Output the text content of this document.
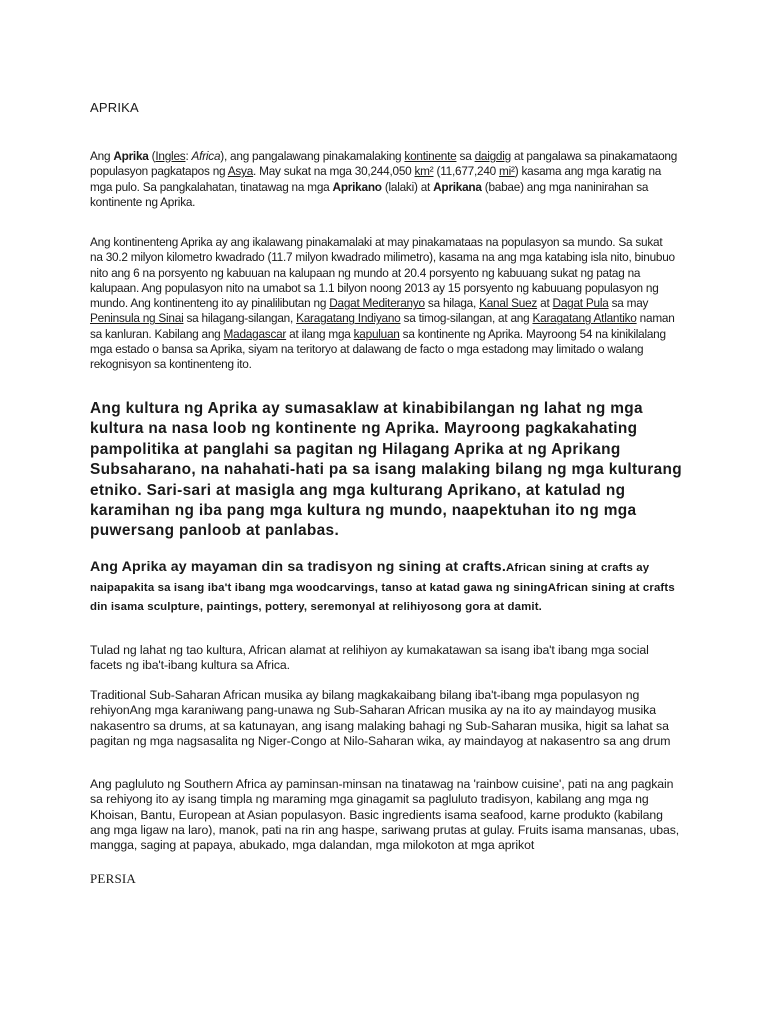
APRIKA

Ang Aprika (Ingles: Africa), ang pangalawang pinakamalaking kontinente sa daigdig at pangalawa sa pinakamataong populasyon pagkatapos ng Asya. May sukat na mga 30,244,050 km² (11,677,240 mi²) kasama ang mga karatig na mga pulo. Sa pangkalahatan, tinatawag na mga Aprikano (lalaki) at Aprikana (babae) ang mga naninirahan sa kontinente ng Aprika.

Ang kontinenteng Aprika ay ang ikalawang pinakamalaki at may pinakamataas na populasyon sa mundo. Sa sukat na 30.2 milyon kilometro kwadrado (11.7 milyon kwadrado milimetro), kasama na ang mga katabing isla nito, binubuo nito ang 6 na porsyento ng kabuuan na kalupaan ng mundo at 20.4 porsyento ng kabuuang sukat ng patag na kalupaan. Ang populasyon nito na umabot sa 1.1 bilyon noong 2013 ay 15 porsyento ng kabuuang populasyon ng mundo. Ang kontinenteng ito ay pinalilibutan ng Dagat Mediteranyo sa hilaga, Kanal Suez at Dagat Pula sa may Peninsula ng Sinai sa hilagang-silangan, Karagatang Indiyano sa timog-silangan, at ang Karagatang Atlantiko naman sa kanluran. Kabilang ang Madagascar at ilang mga kapuluan sa kontinente ng Aprika. Mayroong 54 na kinikilalang mga estado o bansa sa Aprika, siyam na teritoryo at dalawang de facto o mga estadong may limitado o walang rekognisyon sa kontinenteng ito.

Ang kultura ng Aprika ay sumasaklaw at kinabibilangan ng lahat ng mga kultura na nasa loob ng kontinente ng Aprika. Mayroong pagkakahating pampolitika at panglahi sa pagitan ng Hilagang Aprika at ng Aprikang Subsaharano, na nahahati-hati pa sa isang malaking bilang ng mga kulturang etniko. Sari-sari at masigla ang mga kulturang Aprikano, at katulad ng karamihan ng iba pang mga kultura ng mundo, naapektuhan ito ng mga puwersang panloob at panlabas.

Ang Aprika ay mayaman din sa tradisyon ng sining at crafts.African sining at crafts ay naipapakita sa isang iba't ibang mga woodcarvings, tanso at katad gawa ng siningAfrican sining at crafts din isama sculpture, paintings, pottery, seremonyal at relihiyosong gora at damit.

Tulad ng lahat ng tao kultura, African alamat at relihiyon ay kumakatawan sa isang iba't ibang mga social facets ng iba't-ibang kultura sa Africa.

Traditional Sub-Saharan African musika ay bilang magkakaibang bilang iba't-ibang mga populasyon ng rehiyonAng mga karaniwang pang-unawa ng Sub-Saharan African musika ay na ito ay maindayog musika nakasentro sa drums, at sa katunayan, ang isang malaking bahagi ng Sub-Saharan musika, higit sa lahat sa pagitan ng mga nagsasalita ng Niger-Congo at Nilo-Saharan wika, ay maindayog at nakasentro sa ang drum

Ang pagluluto ng Southern Africa ay paminsan-minsan na tinatawag na 'rainbow cuisine', pati na ang pagkain sa rehiyong ito ay isang timpla ng maraming mga ginagamit sa pagluluto tradisyon, kabilang ang mga ng Khoisan, Bantu, European at Asian populasyon. Basic ingredients isama seafood, karne produkto (kabilang ang mga ligaw na laro), manok, pati na rin ang haspe, sariwang prutas at gulay. Fruits isama mansanas, ubas, mangga, saging at papaya, abukado, mga dalandan, mga milokoton at mga aprikot

PERSIA
